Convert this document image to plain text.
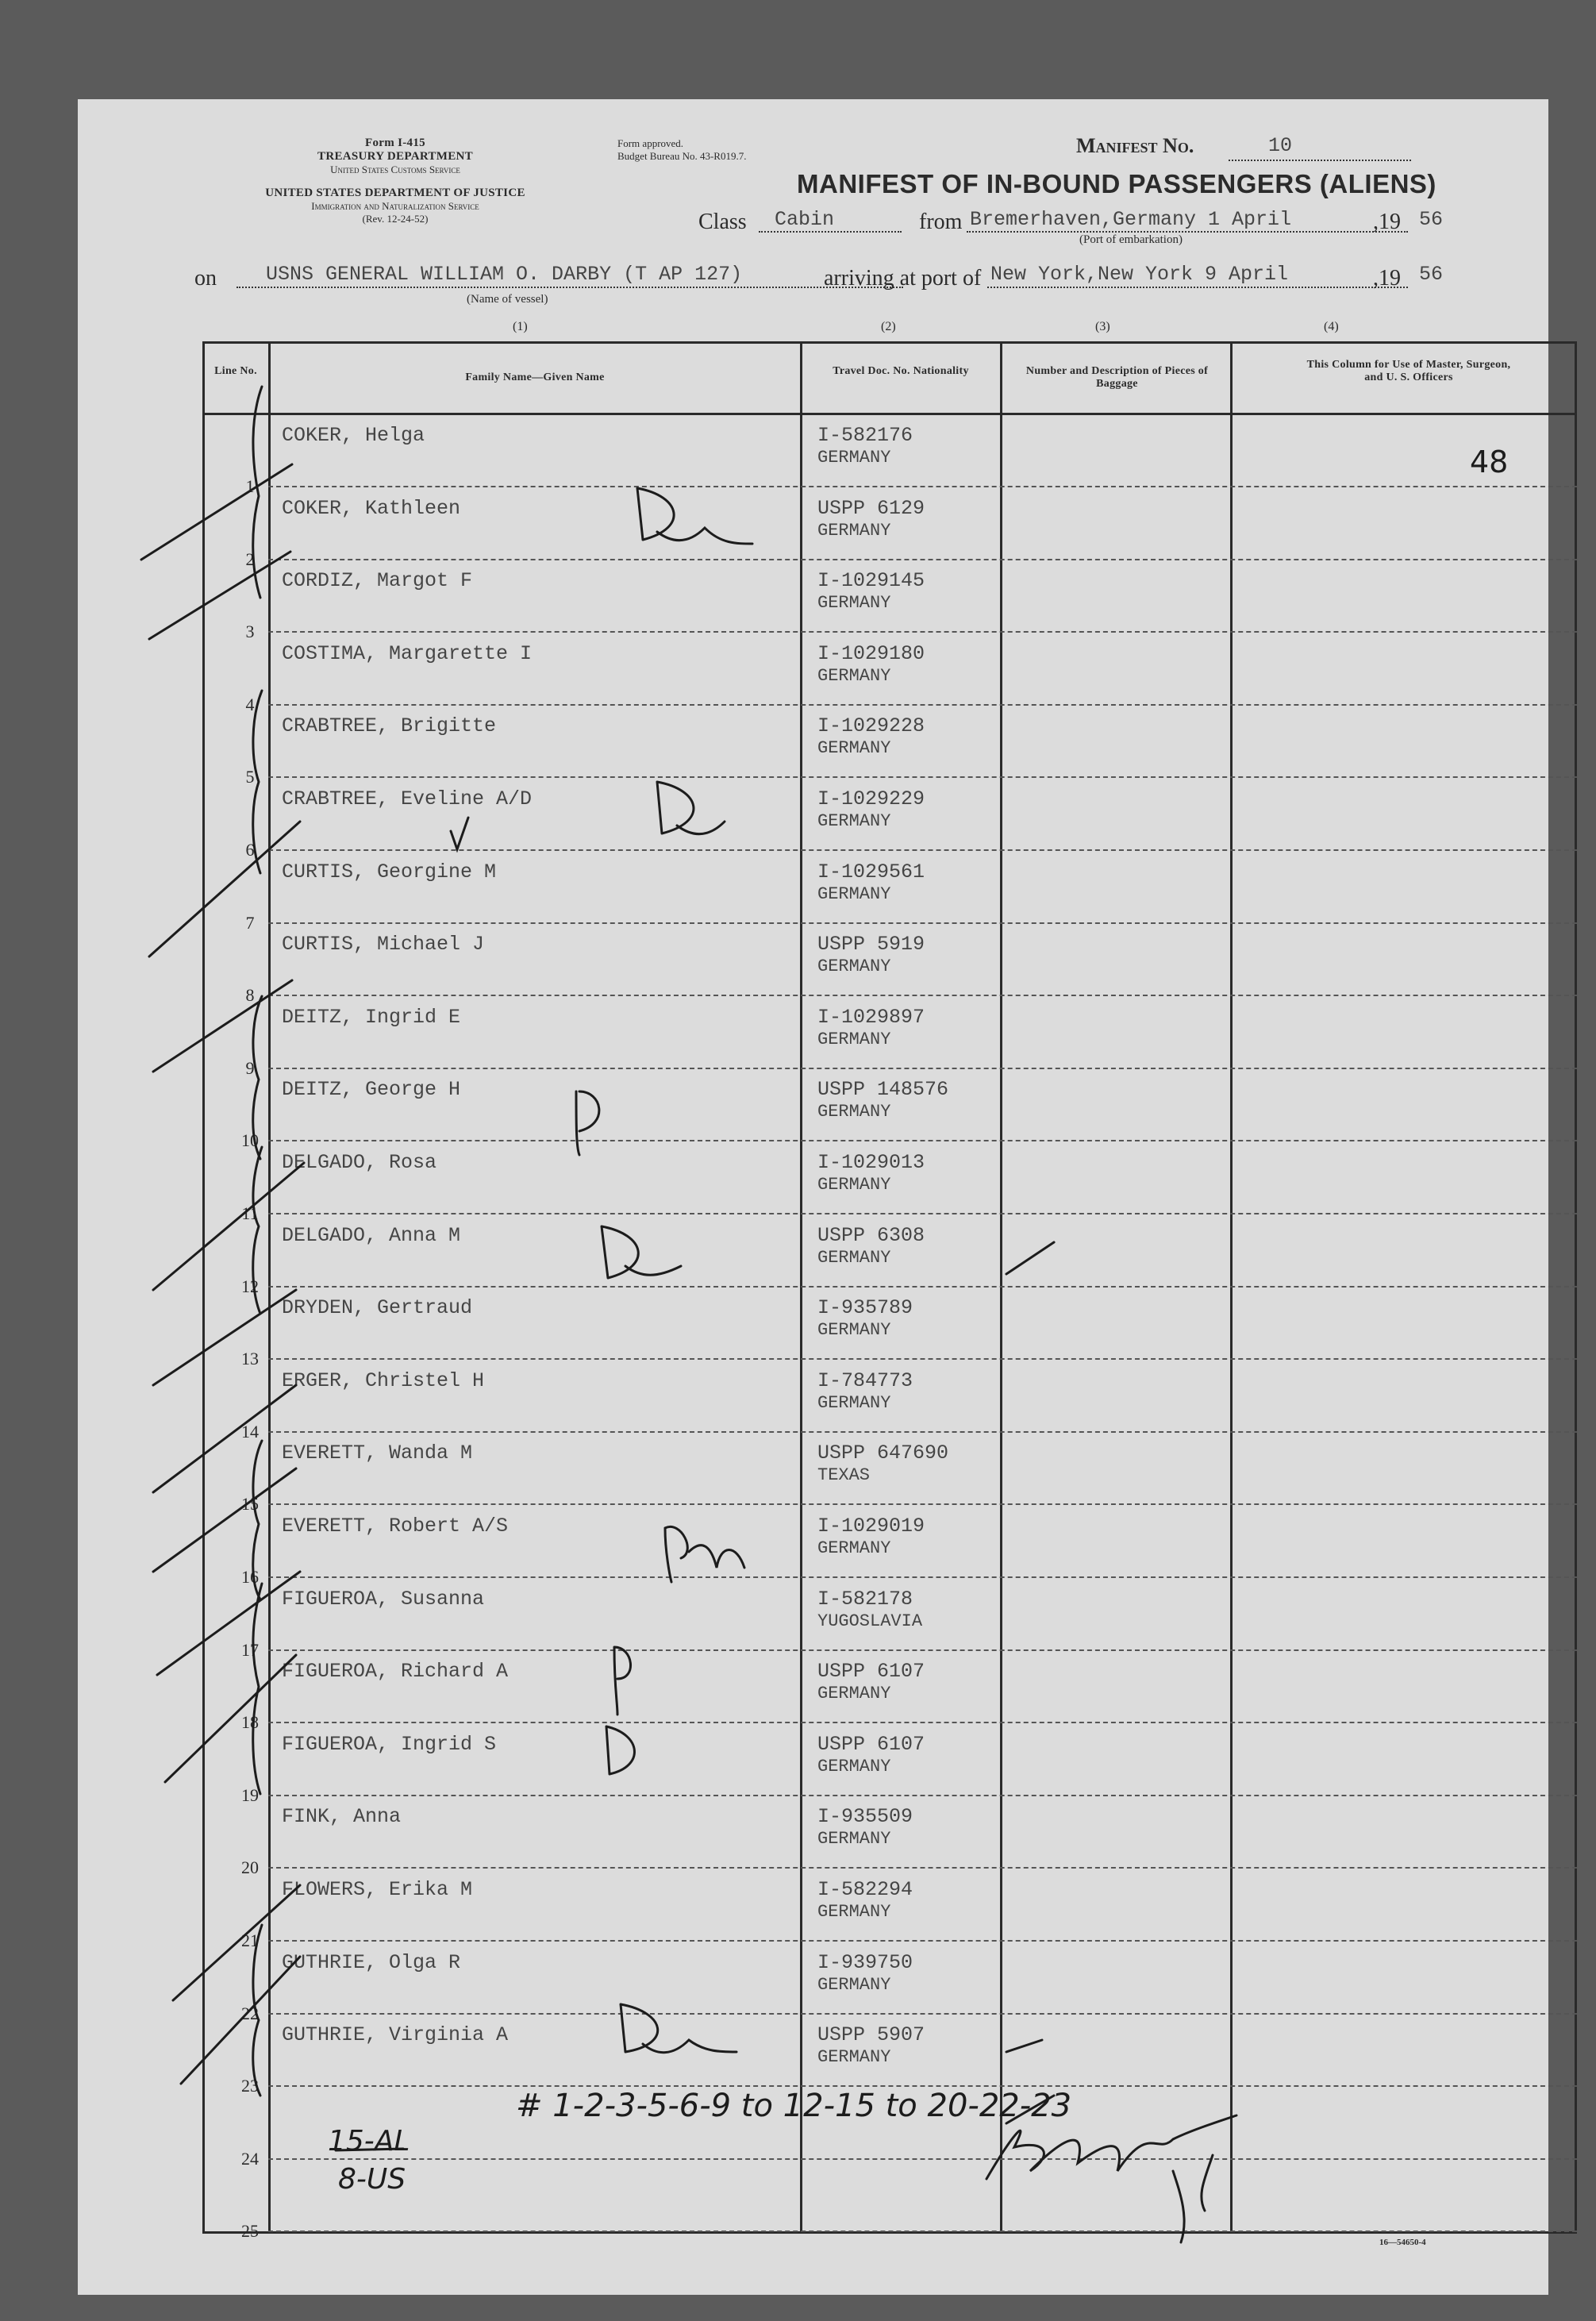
Form I-415
TREASURY DEPARTMENT
United States Customs Service
UNITED STATES DEPARTMENT OF JUSTICE
Immigration and Naturalization Service
(Rev. 12-24-52)
Form approved.
Budget Bureau No. 43-R019.7.	Manifest No.	10
MANIFEST OF IN-BOUND PASSENGERS (ALIENS)
Class Cabin	from Bremerhaven,Germany 1 April	,19 56
(Port of embarkation)
on USNS GENERAL WILLIAM O. DARBY (T AP 127)
(Name of vessel)
arriving at port of New York,New York 9 April	,19 56
(1)	(2)	(3)	(4)
Line No.
Family Name—Given Name
Travel Doc. No. Nationality	Number and Description of Pieces of Baggage
This Column for Use of Master, Surgeon, and U. S. Officers
1
COKER, Helga	I-582176
GERMANY
2
COKER, Kathleen	USPP 6129
GERMANY
3
CORDIZ, Margot F	I-1029145
GERMANY
4
COSTIMA, Margarette I	I-1029180
GERMANY
5
CRABTREE, Brigitte	I-1029228
GERMANY
6
CRABTREE, Eveline A/D	I-1029229
GERMANY
7
CURTIS, Georgine M	I-1029561
GERMANY
8
CURTIS, Michael J	USPP 5919
GERMANY
9
DEITZ, Ingrid E	I-1029897
GERMANY
10
DEITZ, George H	USPP 148576
GERMANY
11
DELGADO, Rosa	I-1029013
GERMANY
12
DELGADO, Anna M	USPP 6308
GERMANY
13
DRYDEN, Gertraud	I-935789
GERMANY
14
ERGER, Christel H	I-784773
GERMANY
15
EVERETT, Wanda M	USPP 647690
TEXAS
16
EVERETT, Robert A/S	I-1029019
GERMANY
17
FIGUEROA, Susanna	I-582178
YUGOSLAVIA
18
FIGUEROA, Richard A	USPP 6107
GERMANY
19
FIGUEROA, Ingrid S	USPP 6107
GERMANY
20
FINK, Anna	I-935509
GERMANY
21
FLOWERS, Erika M	I-582294
GERMANY
22
GUTHRIE, Olga R	I-939750
GERMANY
23
GUTHRIE, Virginia A	USPP 5907
GERMANY
24
25
48
# 1-2-3-5-6-9 to 12-15 to 20-22-23
15-AL
8-US
16—54650-4
